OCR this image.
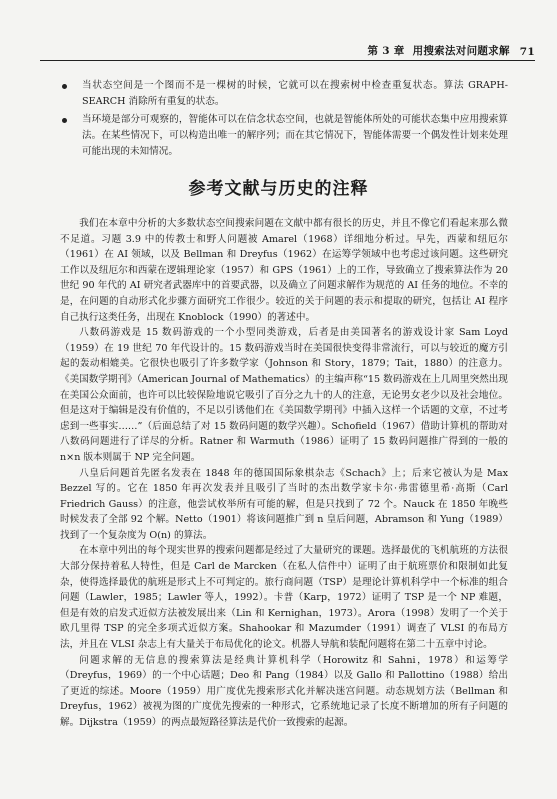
第 3 章 用搜索法对问题求解 71
当状态空间是一个图而不是一棵树的时候，它就可以在搜索树中检查重复状态。算法 GRAPH-SEARCH 消除所有重复的状态。
当环境是部分可观察的，智能体可以在信念状态空间，也就是智能体所处的可能状态集中应用搜索算法。在某些情况下，可以构造出唯一的解序列；而在其它情况下，智能体需要一个偶发性计划来处理可能出现的未知情况。
参考文献与历史的注释

我们在本章中分析的大多数状态空间搜索问题在文献中都有很长的历史，并且不像它们看起来那么微不足道。习题 3.9 中的传教士和野人问题被 Amarel（1968）详细地分析过。早先，西蒙和纽厄尔（1961）在 AI 领域，以及 Bellman 和 Dreyfus（1962）在运筹学领域中也考虑过该问题。这些研究工作以及纽厄尔和西蒙在逻辑理论家（1957）和 GPS（1961）上的工作，导致确立了搜索算法作为 20 世纪 90 年代的 AI 研究者武器库中的首要武器，以及确立了问题求解作为规范的 AI 任务的地位。不幸的是，在问题的自动形式化步骤方面研究工作很少。较近的关于问题的表示和提取的研究，包括让 AI 程序自己执行这类任务，出现在 Knoblock（1990）的著述中。

八数码游戏是 15 数码游戏的一个小型同类游戏，后者是由美国著名的游戏设计家 Sam Loyd（1959）在 19 世纪 70 年代设计的。15 数码游戏当时在美国很快变得非常流行，可以与较近的魔方引起的轰动相媲美。它很快也吸引了许多数学家（Johnson 和 Story，1879；Tait，1880）的注意力。《美国数学期刊》（American Journal of Mathematics）的主编声称“15 数码游戏在上几周里突然出现在美国公众面前，也许可以比较保险地说它吸引了百分之九十的人的注意，无论男女老少以及社会地位。但是这对于编辑是没有价值的，不足以引诱他们在《美国数学期刊》中插入这样一个话题的文章，不过考虑到一些事实……”（后面总结了对 15 数码问题的数学兴趣）。Schofield（1967）借助计算机的帮助对八数码问题进行了详尽的分析。Ratner 和 Warmuth（1986）证明了 15 数码问题推广得到的一般的 n×n 版本则属于 NP 完全问题。

八皇后问题首先匿名发表在 1848 年的德国国际象棋杂志《Schach》上；后来它被认为是 Max Bezzel 写的。它在 1850 年再次发表并且吸引了当时的杰出数学家卡尔·弗雷德里希·高斯（Carl Friedrich Gauss）的注意，他尝试枚举所有可能的解，但是只找到了 72 个。Nauck 在 1850 年晚些时候发表了全部 92 个解。Netto（1901）将该问题推广到 n 皇后问题，Abramson 和 Yung（1989）找到了一个复杂度为 O(n) 的算法。

在本章中列出的每个现实世界的搜索问题都是经过了大量研究的课题。选择最优的飞机航班的方法很大部分保持着私人特性，但是 Carl de Marcken（在私人信件中）证明了由于航班票价和限制如此复杂，使得选择最优的航班是形式上不可判定的。旅行商问题（TSP）是理论计算机科学中一个标准的组合问题（Lawler，1985；Lawler 等人，1992）。卡普（Karp，1972）证明了 TSP 是一个 NP 难题，但是有效的启发式近似方法被发展出来（Lin 和 Kernighan，1973）。Arora（1998）发明了一个关于欧几里得 TSP 的完全多项式近似方案。Shahookar 和 Mazumder（1991）调查了 VLSI 的布局方法，并且在 VLSI 杂志上有大量关于布局优化的论文。机器人导航和装配问题将在第二十五章中讨论。

问题求解的无信息的搜索算法是经典计算机科学（Horowitz 和 Sahni，1978）和运筹学（Dreyfus，1969）的一个中心话题；Deo 和 Pang（1984）以及 Gallo 和 Pallottino（1988）给出了更近的综述。Moore（1959）用广度优先搜索形式化并解决迷宫问题。动态规划方法（Bellman 和 Dreyfus，1962）被视为图的广度优先搜索的一种形式，它系统地记录了长度不断增加的所有子问题的解。Dijkstra（1959）的两点最短路径算法是代价一致搜索的起源。
